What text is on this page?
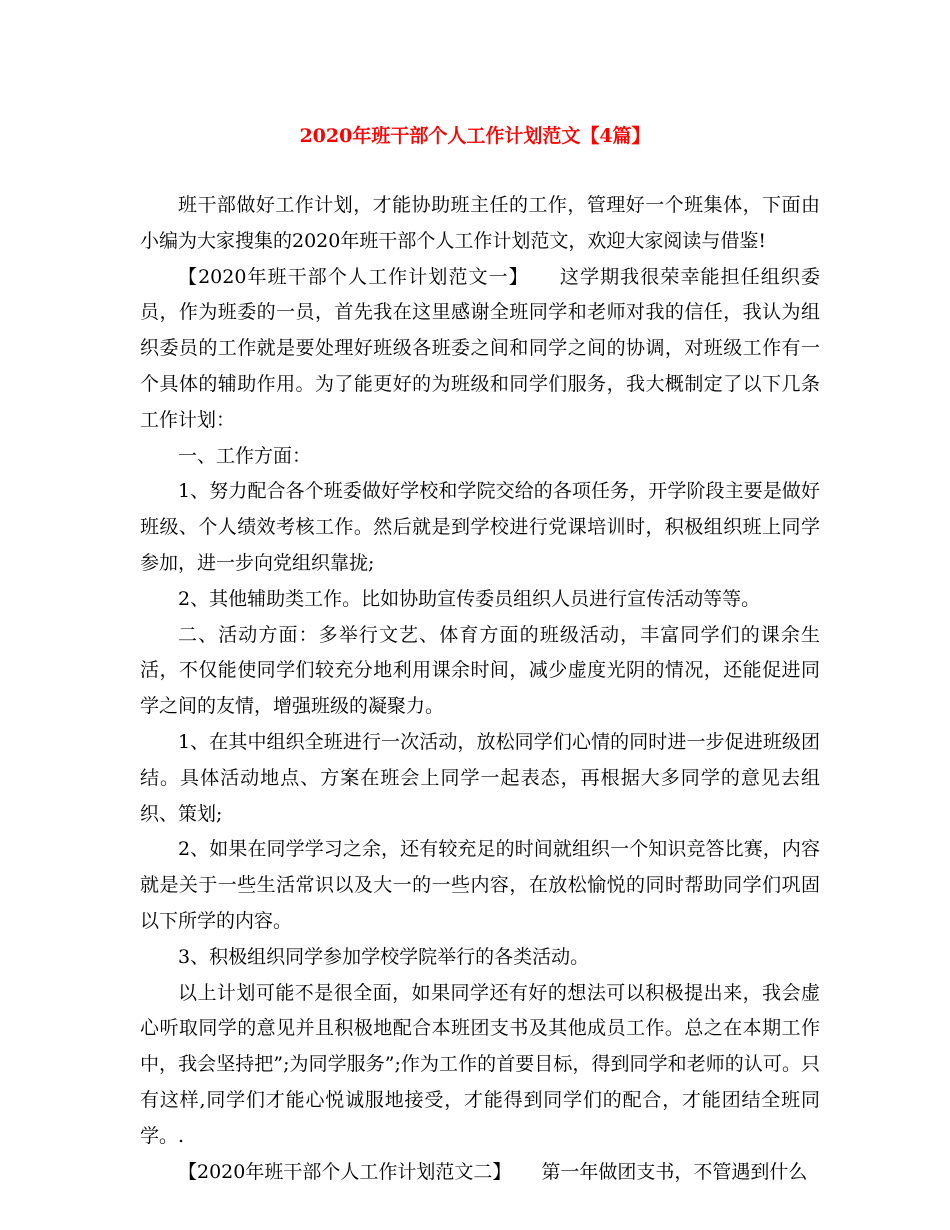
2020年班干部个人工作计划范文【4篇】

班干部做好工作计划，才能协助班主任的工作，管理好一个班集体，下面由小编为大家搜集的2020年班干部个人工作计划范文，欢迎大家阅读与借鉴!

【2020年班干部个人工作计划范文一】 这学期我很荣幸能担任组织委员，作为班委的一员，首先我在这里感谢全班同学和老师对我的信任，我认为组织委员的工作就是要处理好班级各班委之间和同学之间的协调，对班级工作有一个具体的辅助作用。为了能更好的为班级和同学们服务，我大概制定了以下几条工作计划：

一、工作方面：

1、努力配合各个班委做好学校和学院交给的各项任务，开学阶段主要是做好班级、个人绩效考核工作。然后就是到学校进行党课培训时，积极组织班上同学参加，进一步向党组织靠拢;

2、其他辅助类工作。比如协助宣传委员组织人员进行宣传活动等等。

二、活动方面：多举行文艺、体育方面的班级活动，丰富同学们的课余生活，不仅能使同学们较充分地利用课余时间，减少虚度光阴的情况，还能促进同学之间的友情，增强班级的凝聚力。

1、在其中组织全班进行一次活动，放松同学们心情的同时进一步促进班级团结。具体活动地点、方案在班会上同学一起表态，再根据大多同学的意见去组织、策划;

2、如果在同学学习之余，还有较充足的时间就组织一个知识竞答比赛，内容就是关于一些生活常识以及大一的一些内容，在放松愉悦的同时帮助同学们巩固以下所学的内容。

3、积极组织同学参加学校学院举行的各类活动。

以上计划可能不是很全面，如果同学还有好的想法可以积极提出来，我会虚心听取同学的意见并且积极地配合本班团支书及其他成员工作。总之在本期工作中，我会坚持把”;为同学服务”;作为工作的首要目标，得到同学和老师的认可。只有这样,同学们才能心悦诚服地接受，才能得到同学们的配合，才能团结全班同学。.

【2020年班干部个人工作计划范文二】 第一年做团支书，不管遇到什么
